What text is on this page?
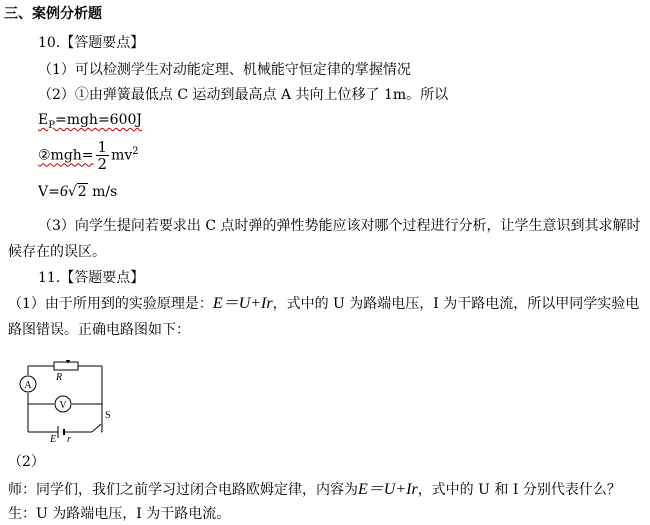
三、案例分析题
10.【答题要点】
（1）可以检测学生对动能定理、机械能守恒定律的掌握情况
（2）①由弹簧最低点 C 运动到最高点 A 共向上位移了 1m。所以
$E_P=mgh=600J$
②mgh= $\frac{1}{2} mv^2$
V=6√2 m/s
（3）向学生提问若要求出 C 点时弹的弹性势能应该对哪个过程进行分析，让学生意识到其求解时
候存在的误区。
11.【答题要点】
（1）由于所用到的实验原理是：E＝U+Ir，式中的 U 为路端电压，I 为干路电流，所以甲同学实验电
路图错误。正确电路图如下：
A
V
R
S
E r
（2）
师：同学们，我们之前学习过闭合电路欧姆定律，内容为E＝U+Ir，式中的 U 和 I 分别代表什么？
生：U 为路端电压，I 为干路电流。
